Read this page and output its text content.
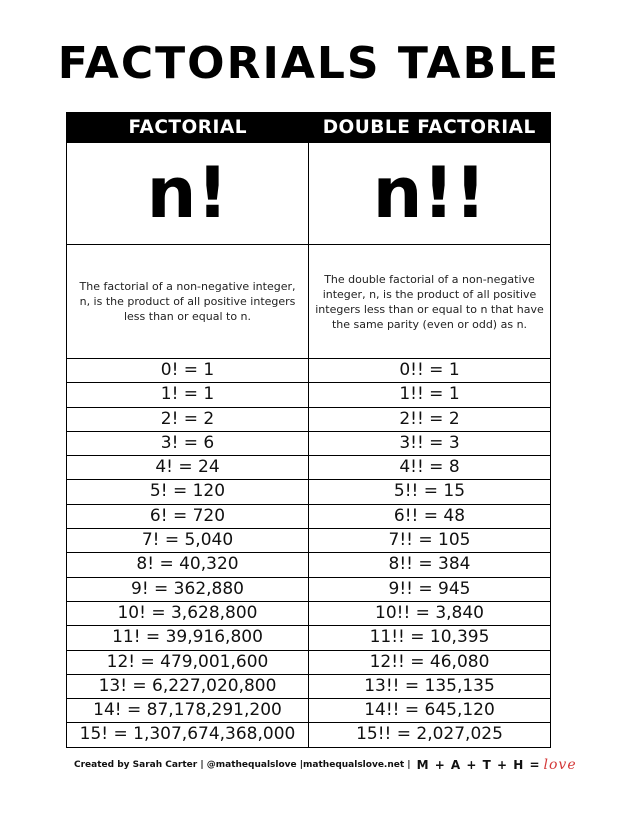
FACTORIALS TABLE
FACTORIAL	DOUBLE FACTORIAL
n!	n!!
The factorial of a non-negative integer, n, is the product of all positive integers less than or equal to n.
The double factorial of a non-negative integer, n, is the product of all positive integers less than or equal to n that have the same parity (even or odd) as n.
0! = 1	0!! = 1
1! = 1	1!! = 1
2! = 2	2!! = 2
3! = 6	3!! = 3
4! = 24	4!! = 8
5! = 120	5!! = 15
6! = 720	6!! = 48
7! = 5,040	7!! = 105
8! = 40,320	8!! = 384
9! = 362,880	9!! = 945
10! = 3,628,800	10!! = 3,840
11! = 39,916,800	11!! = 10,395
12! = 479,001,600	12!! = 46,080
13! = 6,227,020,800	13!! = 135,135
14! = 87,178,291,200	14!! = 645,120
15! = 1,307,674,368,000	15!! = 2,027,025
Created by Sarah Carter | @mathequalslove |mathequalslove.net | M + A + T + H = love
